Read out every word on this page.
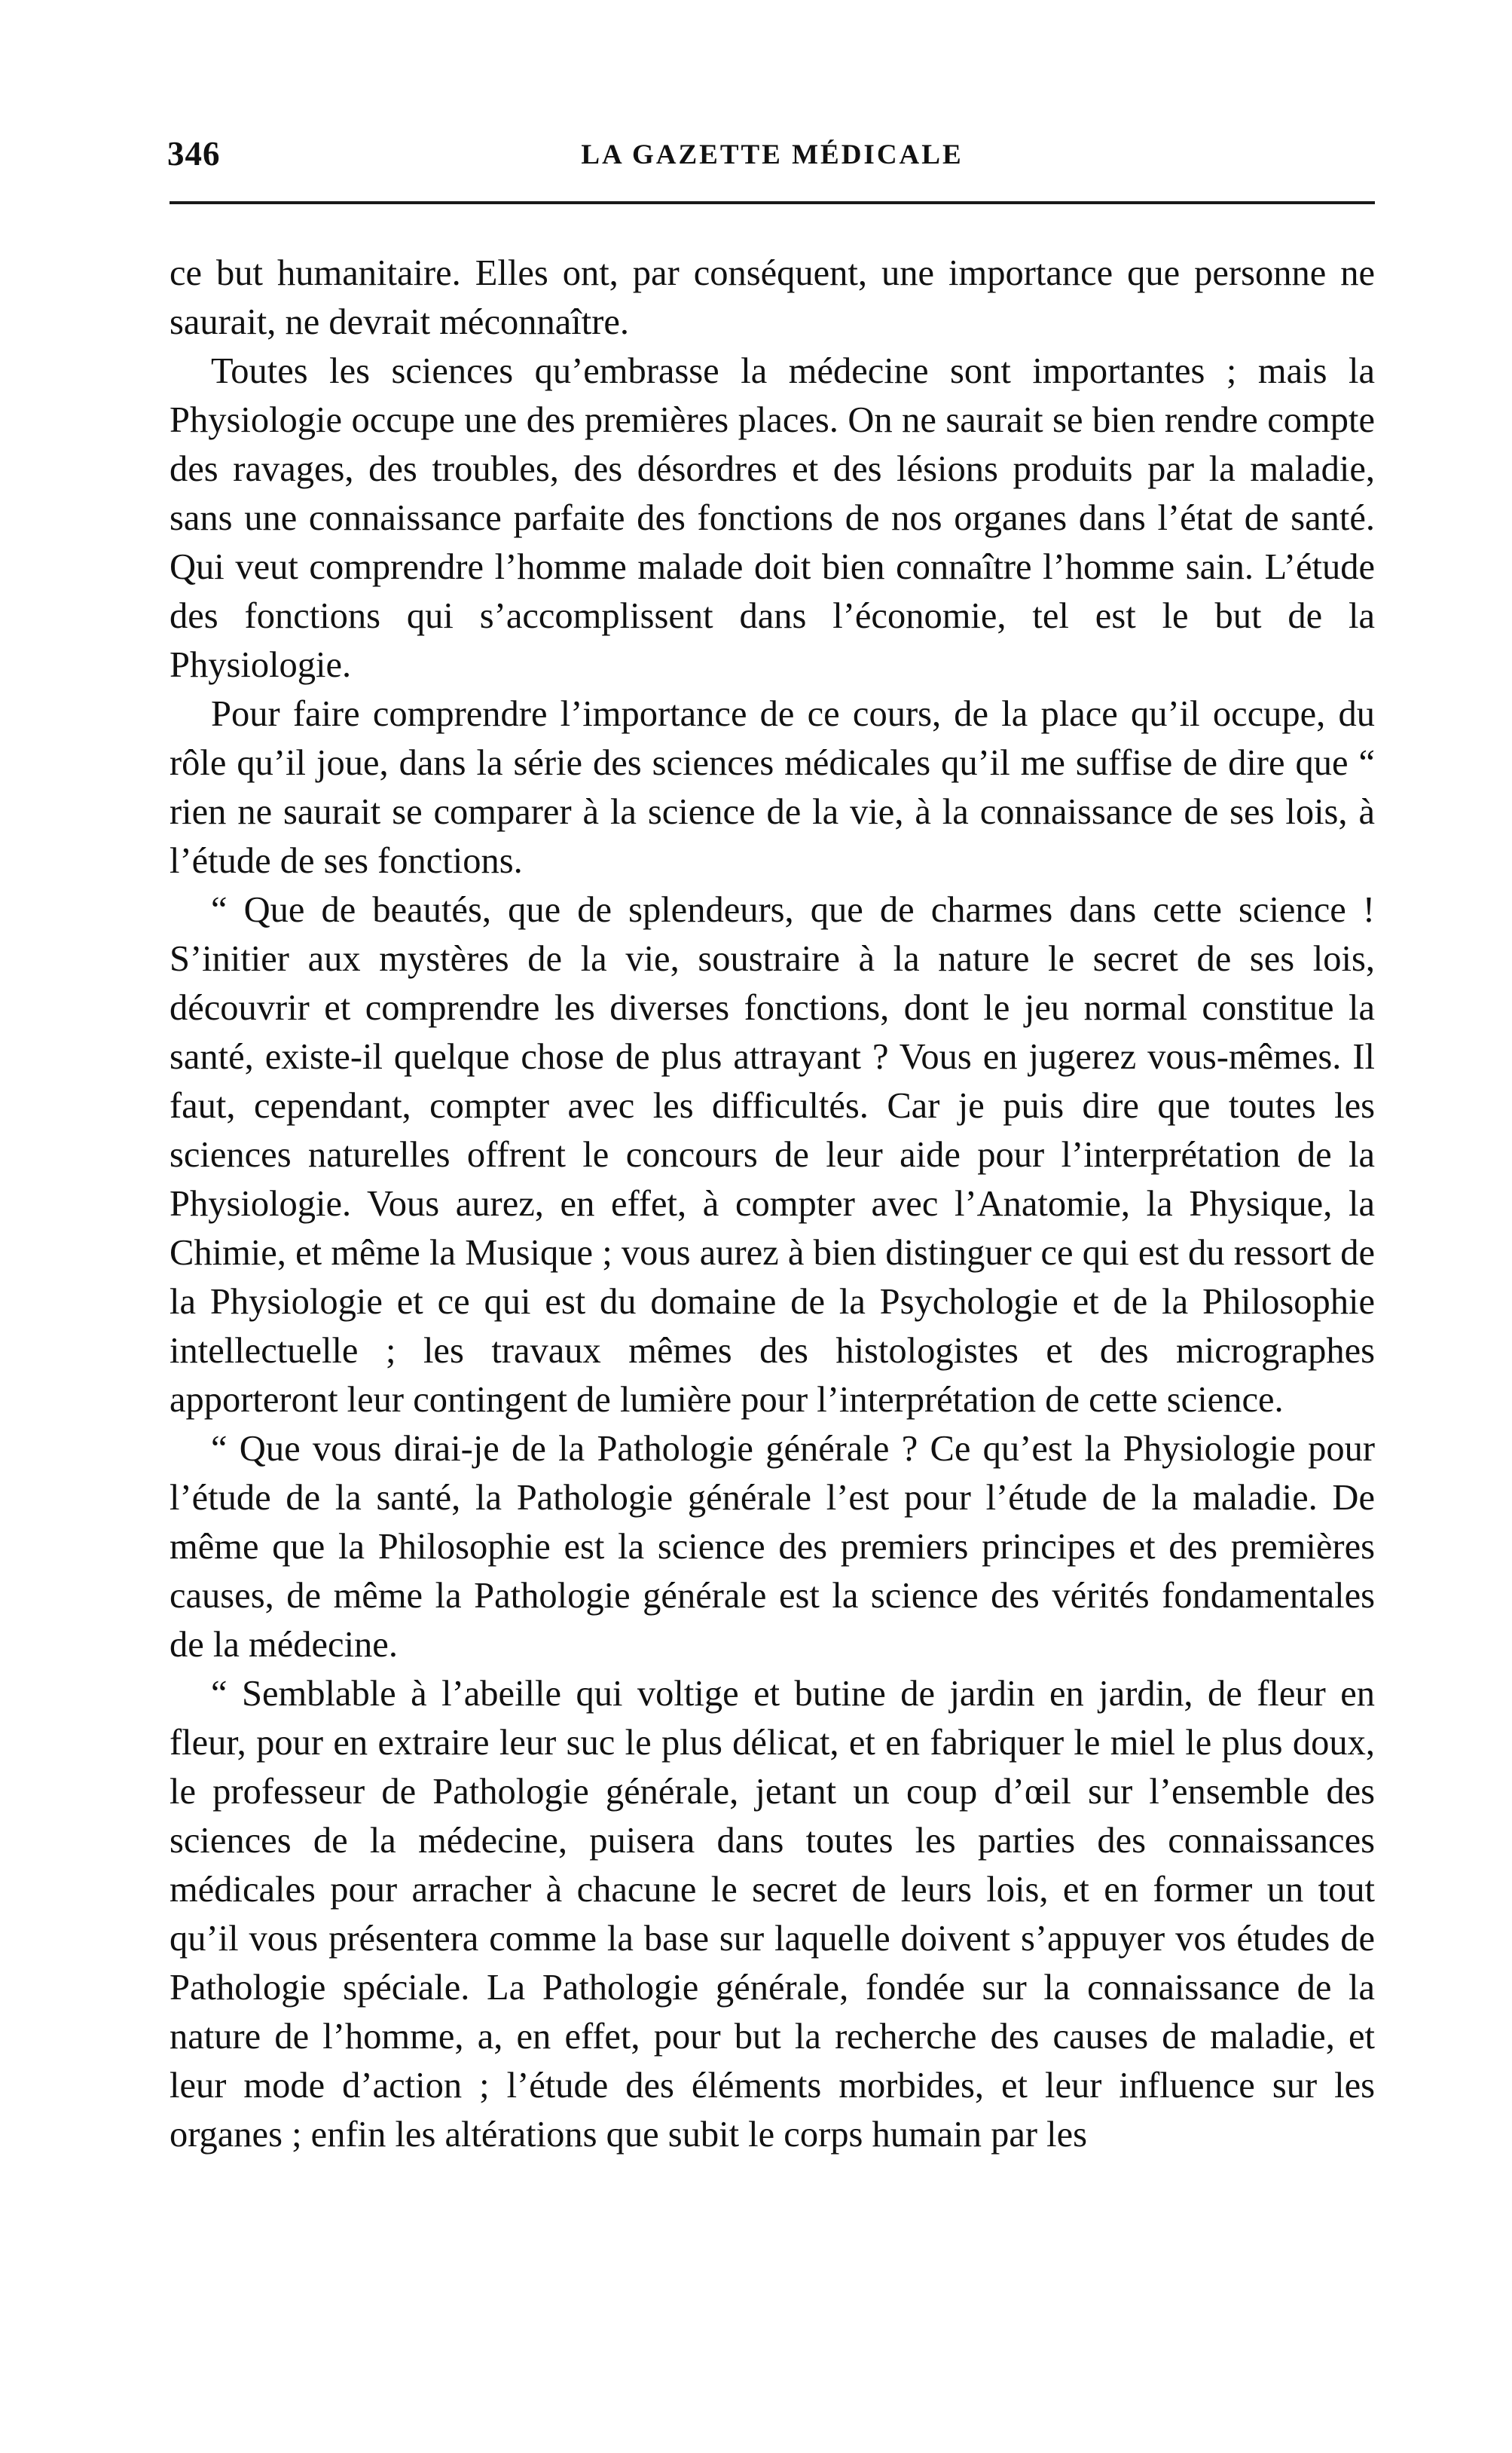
346	LA GAZETTE MÉDICALE

ce but humanitaire. Elles ont, par conséquent, une importance que personne ne saurait, ne devrait méconnaître.

Toutes les sciences qu’embrasse la médecine sont importantes ; mais la Physiologie occupe une des premières places. On ne saurait se bien rendre compte des ravages, des troubles, des désordres et des lésions produits par la maladie, sans une connaissance parfaite des fonctions de nos organes dans l’état de santé. Qui veut comprendre l’homme malade doit bien connaître l’homme sain. L’étude des fonctions qui s’accomplissent dans l’économie, tel est le but de la Physiologie.

Pour faire comprendre l’importance de ce cours, de la place qu’il occupe, du rôle qu’il joue, dans la série des sciences médicales qu’il me suffise de dire que “ rien ne saurait se comparer à la science de la vie, à la connaissance de ses lois, à l’étude de ses fonctions.

“ Que de beautés, que de splendeurs, que de charmes dans cette science ! S’initier aux mystères de la vie, soustraire à la nature le secret de ses lois, découvrir et comprendre les diverses fonctions, dont le jeu normal constitue la santé, existe-il quelque chose de plus attrayant ? Vous en jugerez vous-mêmes. Il faut, cependant, compter avec les difficultés. Car je puis dire que toutes les sciences naturelles offrent le concours de leur aide pour l’interprétation de la Physiologie. Vous aurez, en effet, à compter avec l’Anatomie, la Physique, la Chimie, et même la Musique ; vous aurez à bien distinguer ce qui est du ressort de la Physiologie et ce qui est du domaine de la Psychologie et de la Philosophie intellectuelle ; les travaux mêmes des histologistes et des micrographes apporteront leur contingent de lumière pour l’interprétation de cette science.

“ Que vous dirai-je de la Pathologie générale ? Ce qu’est la Physiologie pour l’étude de la santé, la Pathologie générale l’est pour l’étude de la maladie. De même que la Philosophie est la science des premiers principes et des premières causes, de même la Pathologie générale est la science des vérités fondamentales de la médecine.

“ Semblable à l’abeille qui voltige et butine de jardin en jardin, de fleur en fleur, pour en extraire leur suc le plus délicat, et en fabriquer le miel le plus doux, le professeur de Pathologie générale, jetant un coup d’œil sur l’ensemble des sciences de la médecine, puisera dans toutes les parties des connaissances médicales pour arracher à chacune le secret de leurs lois, et en former un tout qu’il vous présentera comme la base sur laquelle doivent s’appuyer vos études de Pathologie spéciale. La Pathologie générale, fondée sur la connaissance de la nature de l’homme, a, en effet, pour but la recherche des causes de maladie, et leur mode d’action ; l’étude des éléments morbides, et leur influence sur les organes ; enfin les altérations que subit le corps humain par les
